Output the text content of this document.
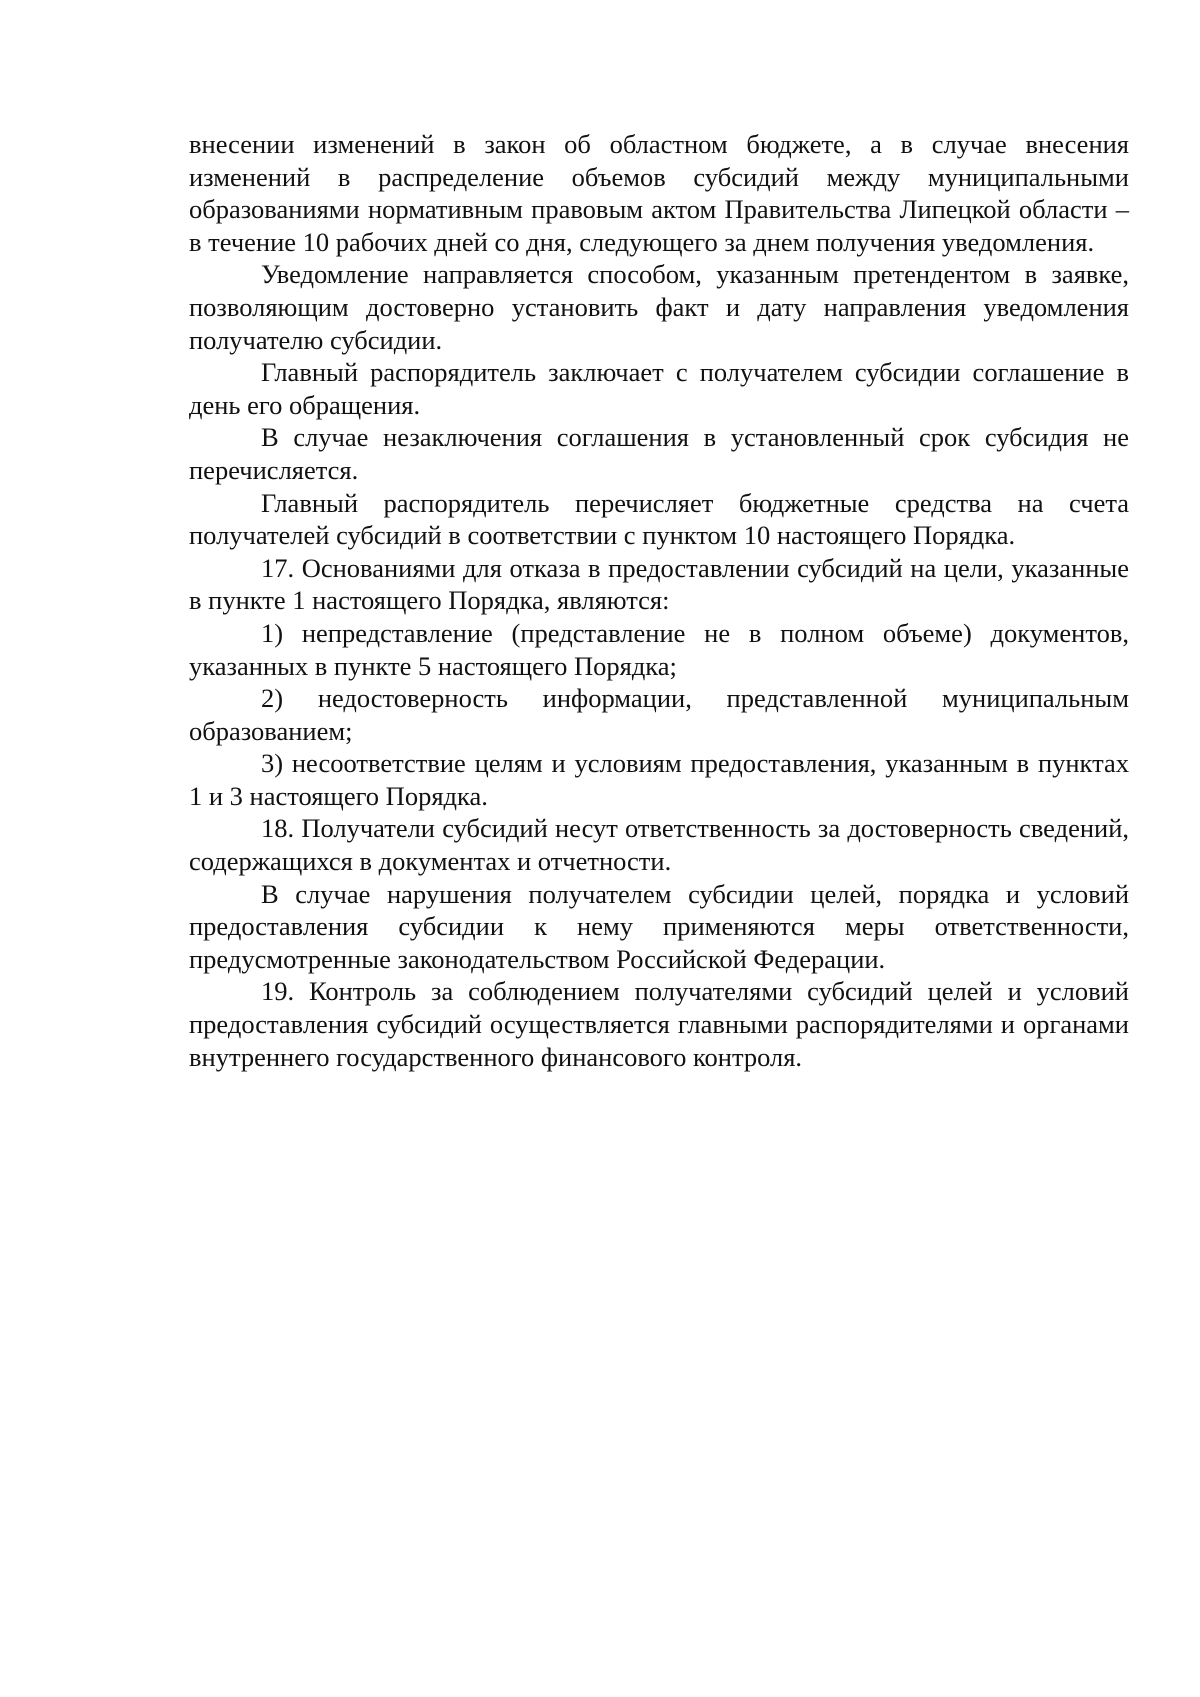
внесении изменений в закон об областном бюджете, а в случае внесения изменений в распределение объемов субсидий между муниципальными образованиями нормативным правовым актом Правительства Липецкой области – в течение 10 рабочих дней со дня, следующего за днем получения уведомления.

Уведомление направляется способом, указанным претендентом в заявке, позволяющим достоверно установить факт и дату направления уведомления получателю субсидии.

Главный распорядитель заключает с получателем субсидии соглашение в день его обращения.

В случае незаключения соглашения в установленный срок субсидия не перечисляется.

Главный распорядитель перечисляет бюджетные средства на счета получателей субсидий в соответствии с пунктом 10 настоящего Порядка.

17. Основаниями для отказа в предоставлении субсидий на цели, указанные в пункте 1 настоящего Порядка, являются:

1) непредставление (представление не в полном объеме) документов, указанных в пункте 5 настоящего Порядка;

2) недостоверность информации, представленной муниципальным образованием;

3) несоответствие целям и условиям предоставления, указанным в пунктах 1 и 3 настоящего Порядка.

18. Получатели субсидий несут ответственность за достоверность сведений, содержащихся в документах и отчетности.

В случае нарушения получателем субсидии целей, порядка и условий предоставления субсидии к нему применяются меры ответственности, предусмотренные законодательством Российской Федерации.

19. Контроль за соблюдением получателями субсидий целей и условий предоставления субсидий осуществляется главными распорядителями и органами внутреннего государственного финансового контроля.
